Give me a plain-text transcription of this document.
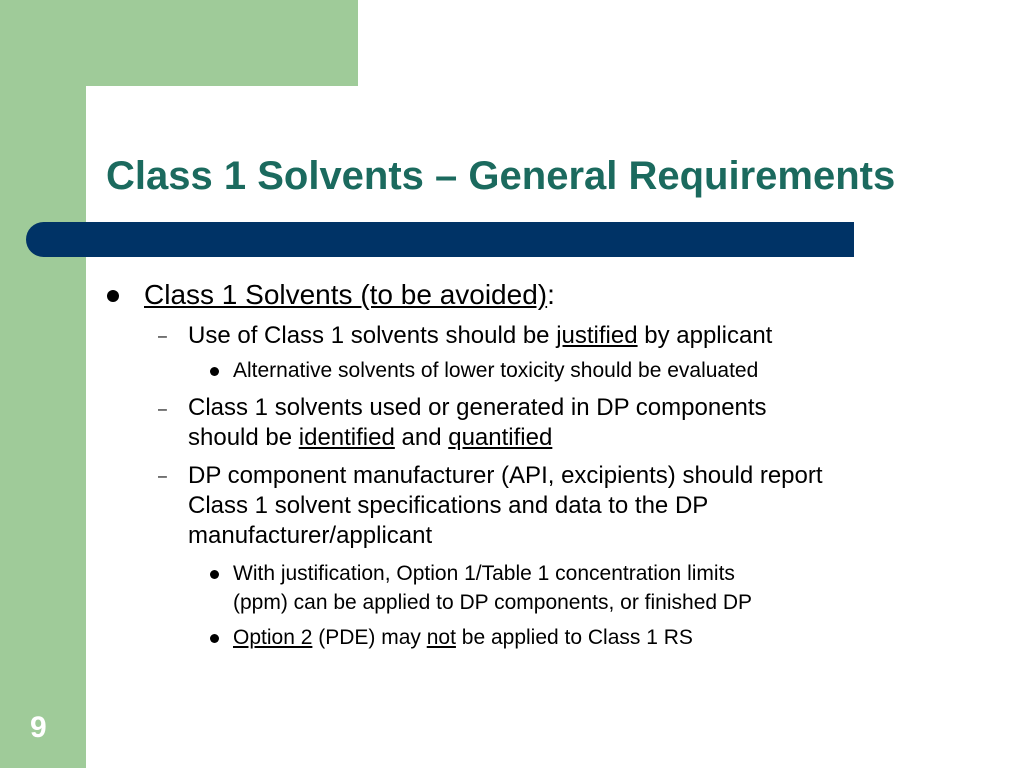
Class 1 Solvents – General Requirements

Class 1 Solvents (to be avoided):

– Use of Class 1 solvents should be justified by applicant

Alternative solvents of lower toxicity should be evaluated

– Class 1 solvents used or generated in DP components

should be identified and quantified

– DP component manufacturer (API, excipients) should report

Class 1 solvent specifications and data to the DP

manufacturer/applicant

With justification, Option 1/Table 1 concentration limits

(ppm) can be applied to DP components, or finished DP

Option 2 (PDE) may not be applied to Class 1 RS

9
